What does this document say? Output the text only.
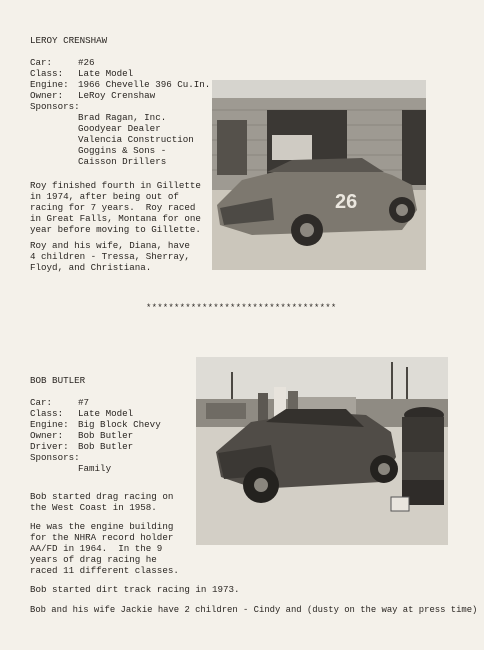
LEROY CRENSHAW

Car:	#26

Class: Late Model

Engine: 1966 Chevelle 396 Cu.In.

Owner: LeRoy Crenshaw

Sponsors:

Brad Ragan, Inc.

Goodyear Dealer

Valencia Construction

Goggins & Sons -

Caisson Drillers

Roy finished fourth in Gillette
in 1974, after being out of
racing for 7 years.  Roy raced
in Great Falls, Montana for one
year before moving to Gillette.

Roy and his wife, Diana, have
4 children - Tressa, Sherray,
Floyd, and Christiana.

26
**********************************

BOB BUTLER

Car:	#7

Class: Late Model

Engine: Big Block Chevy

Owner: Bob Butler

Driver: Bob Butler

Sponsors:

Family

Bob started drag racing on
the West Coast in 1958.

He was the engine building
for the NHRA record holder
AA/FD in 1964.  In the 9
years of drag racing he
raced 11 different classes.

Bob started dirt track racing in 1973.

Bob and his wife Jackie have 2 children - Cindy and (dusty on the way at press time)
